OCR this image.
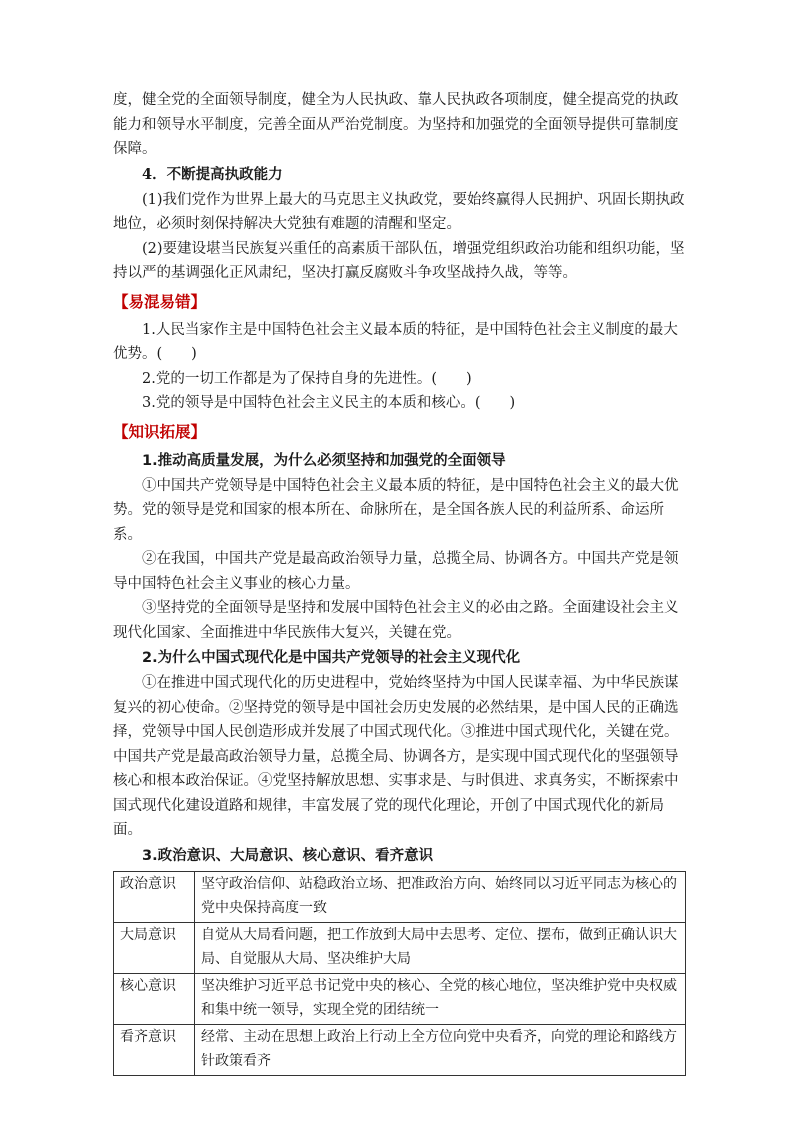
度，健全党的全面领导制度，健全为人民执政、靠人民执政各项制度，健全提高党的执政能力和领导水平制度，完善全面从严治党制度。为坚持和加强党的全面领导提供可靠制度保障。

4．不断提高执政能力

(1)我们党作为世界上最大的马克思主义执政党，要始终赢得人民拥护、巩固长期执政地位，必须时刻保持解决大党独有难题的清醒和坚定。

(2)要建设堪当民族复兴重任的高素质干部队伍，增强党组织政治功能和组织功能，坚持以严的基调强化正风肃纪，坚决打赢反腐败斗争攻坚战持久战，等等。

【易混易错】

1.人民当家作主是中国特色社会主义最本质的特征，是中国特色社会主义制度的最大优势。(　　)

2.党的一切工作都是为了保持自身的先进性。(　　)

3.党的领导是中国特色社会主义民主的本质和核心。(　　)

【知识拓展】

1.推动高质量发展，为什么必须坚持和加强党的全面领导

①中国共产党领导是中国特色社会主义最本质的特征，是中国特色社会主义的最大优势。党的领导是党和国家的根本所在、命脉所在，是全国各族人民的利益所系、命运所系。

②在我国，中国共产党是最高政治领导力量，总揽全局、协调各方。中国共产党是领导中国特色社会主义事业的核心力量。

③坚持党的全面领导是坚持和发展中国特色社会主义的必由之路。全面建设社会主义现代化国家、全面推进中华民族伟大复兴，关键在党。

2.为什么中国式现代化是中国共产党领导的社会主义现代化

①在推进中国式现代化的历史进程中，党始终坚持为中国人民谋幸福、为中华民族谋复兴的初心使命。②坚持党的领导是中国社会历史发展的必然结果，是中国人民的正确选择，党领导中国人民创造形成并发展了中国式现代化。③推进中国式现代化，关键在党。中国共产党是最高政治领导力量，总揽全局、协调各方，是实现中国式现代化的坚强领导核心和根本政治保证。④党坚持解放思想、实事求是、与时俱进、求真务实，不断探索中国式现代化建设道路和规律，丰富发展了党的现代化理论，开创了中国式现代化的新局面。

3.政治意识、大局意识、核心意识、看齐意识

政治意识	坚守政治信仰、站稳政治立场、把准政治方向、始终同以习近平同志为核心的党中央保持高度一致
大局意识	自觉从大局看问题，把工作放到大局中去思考、定位、摆布，做到正确认识大局、自觉服从大局、坚决维护大局
核心意识	坚决维护习近平总书记党中央的核心、全党的核心地位，坚决维护党中央权威和集中统一领导，实现全党的团结统一
看齐意识	经常、主动在思想上政治上行动上全方位向党中央看齐，向党的理论和路线方针政策看齐
